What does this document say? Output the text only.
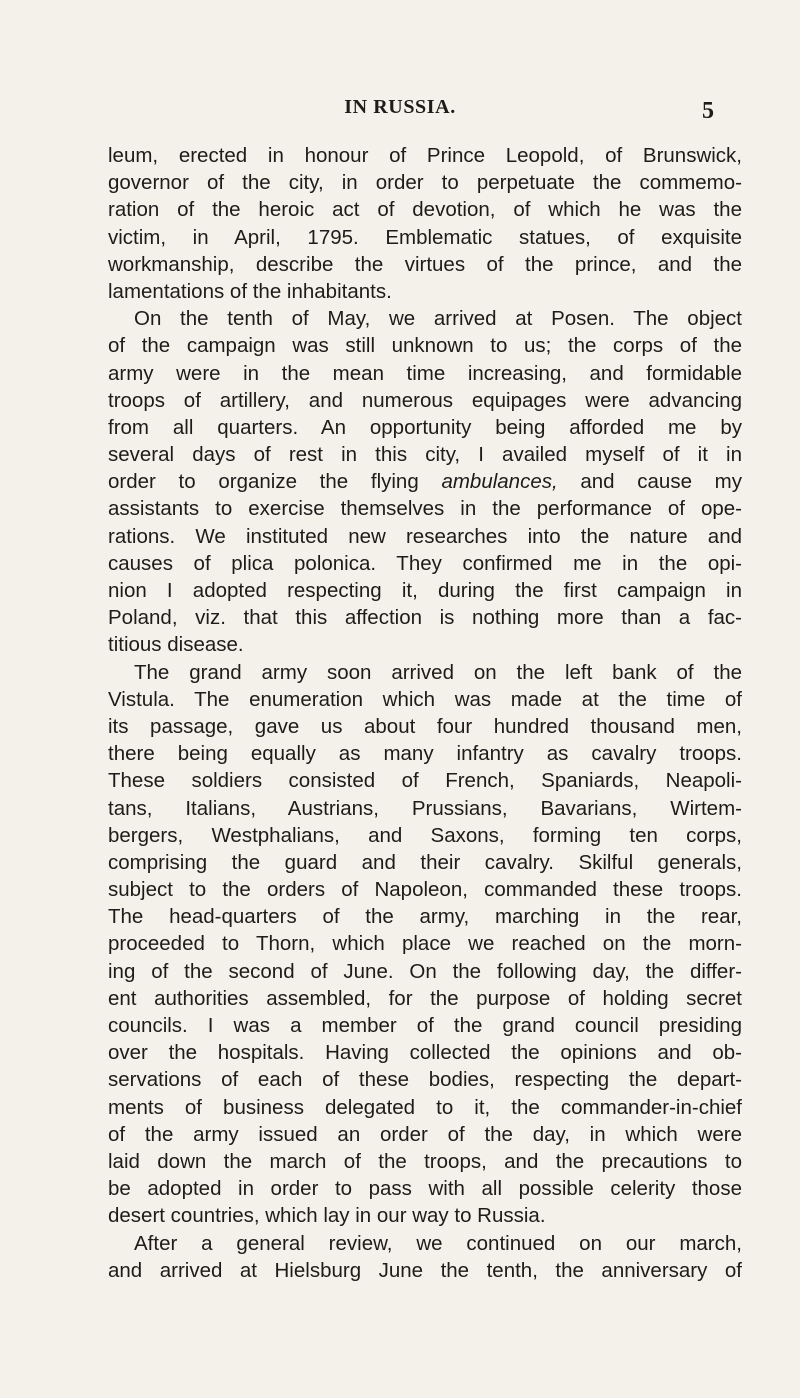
IN RUSSIA.	5
leum, erected in honour of Prince Leopold, of Brunswick,
governor of the city, in order to perpetuate the commemo-
ration of the heroic act of devotion, of which he was the
victim, in April, 1795. Emblematic statues, of exquisite
workmanship, describe the virtues of the prince, and the
lamentations of the inhabitants.
On the tenth of May, we arrived at Posen. The object
of the campaign was still unknown to us; the corps of the
army were in the mean time increasing, and formidable
troops of artillery, and numerous equipages were advancing
from all quarters. An opportunity being afforded me by
several days of rest in this city, I availed myself of it in
order to organize the flying ambulances, and cause my
assistants to exercise themselves in the performance of ope-
rations. We instituted new researches into the nature and
causes of plica polonica. They confirmed me in the opi-
nion I adopted respecting it, during the first campaign in
Poland, viz. that this affection is nothing more than a fac-
titious disease.
The grand army soon arrived on the left bank of the
Vistula. The enumeration which was made at the time of
its passage, gave us about four hundred thousand men,
there being equally as many infantry as cavalry troops.
These soldiers consisted of French, Spaniards, Neapoli-
tans, Italians, Austrians, Prussians, Bavarians, Wirtem-
bergers, Westphalians, and Saxons, forming ten corps,
comprising the guard and their cavalry. Skilful generals,
subject to the orders of Napoleon, commanded these troops.
The head-quarters of the army, marching in the rear,
proceeded to Thorn, which place we reached on the morn-
ing of the second of June. On the following day, the differ-
ent authorities assembled, for the purpose of holding secret
councils. I was a member of the grand council presiding
over the hospitals. Having collected the opinions and ob-
servations of each of these bodies, respecting the depart-
ments of business delegated to it, the commander-in-chief
of the army issued an order of the day, in which were
laid down the march of the troops, and the precautions to
be adopted in order to pass with all possible celerity those
desert countries, which lay in our way to Russia.
After a general review, we continued on our march,
and arrived at Hielsburg June the tenth, the anniversary of
